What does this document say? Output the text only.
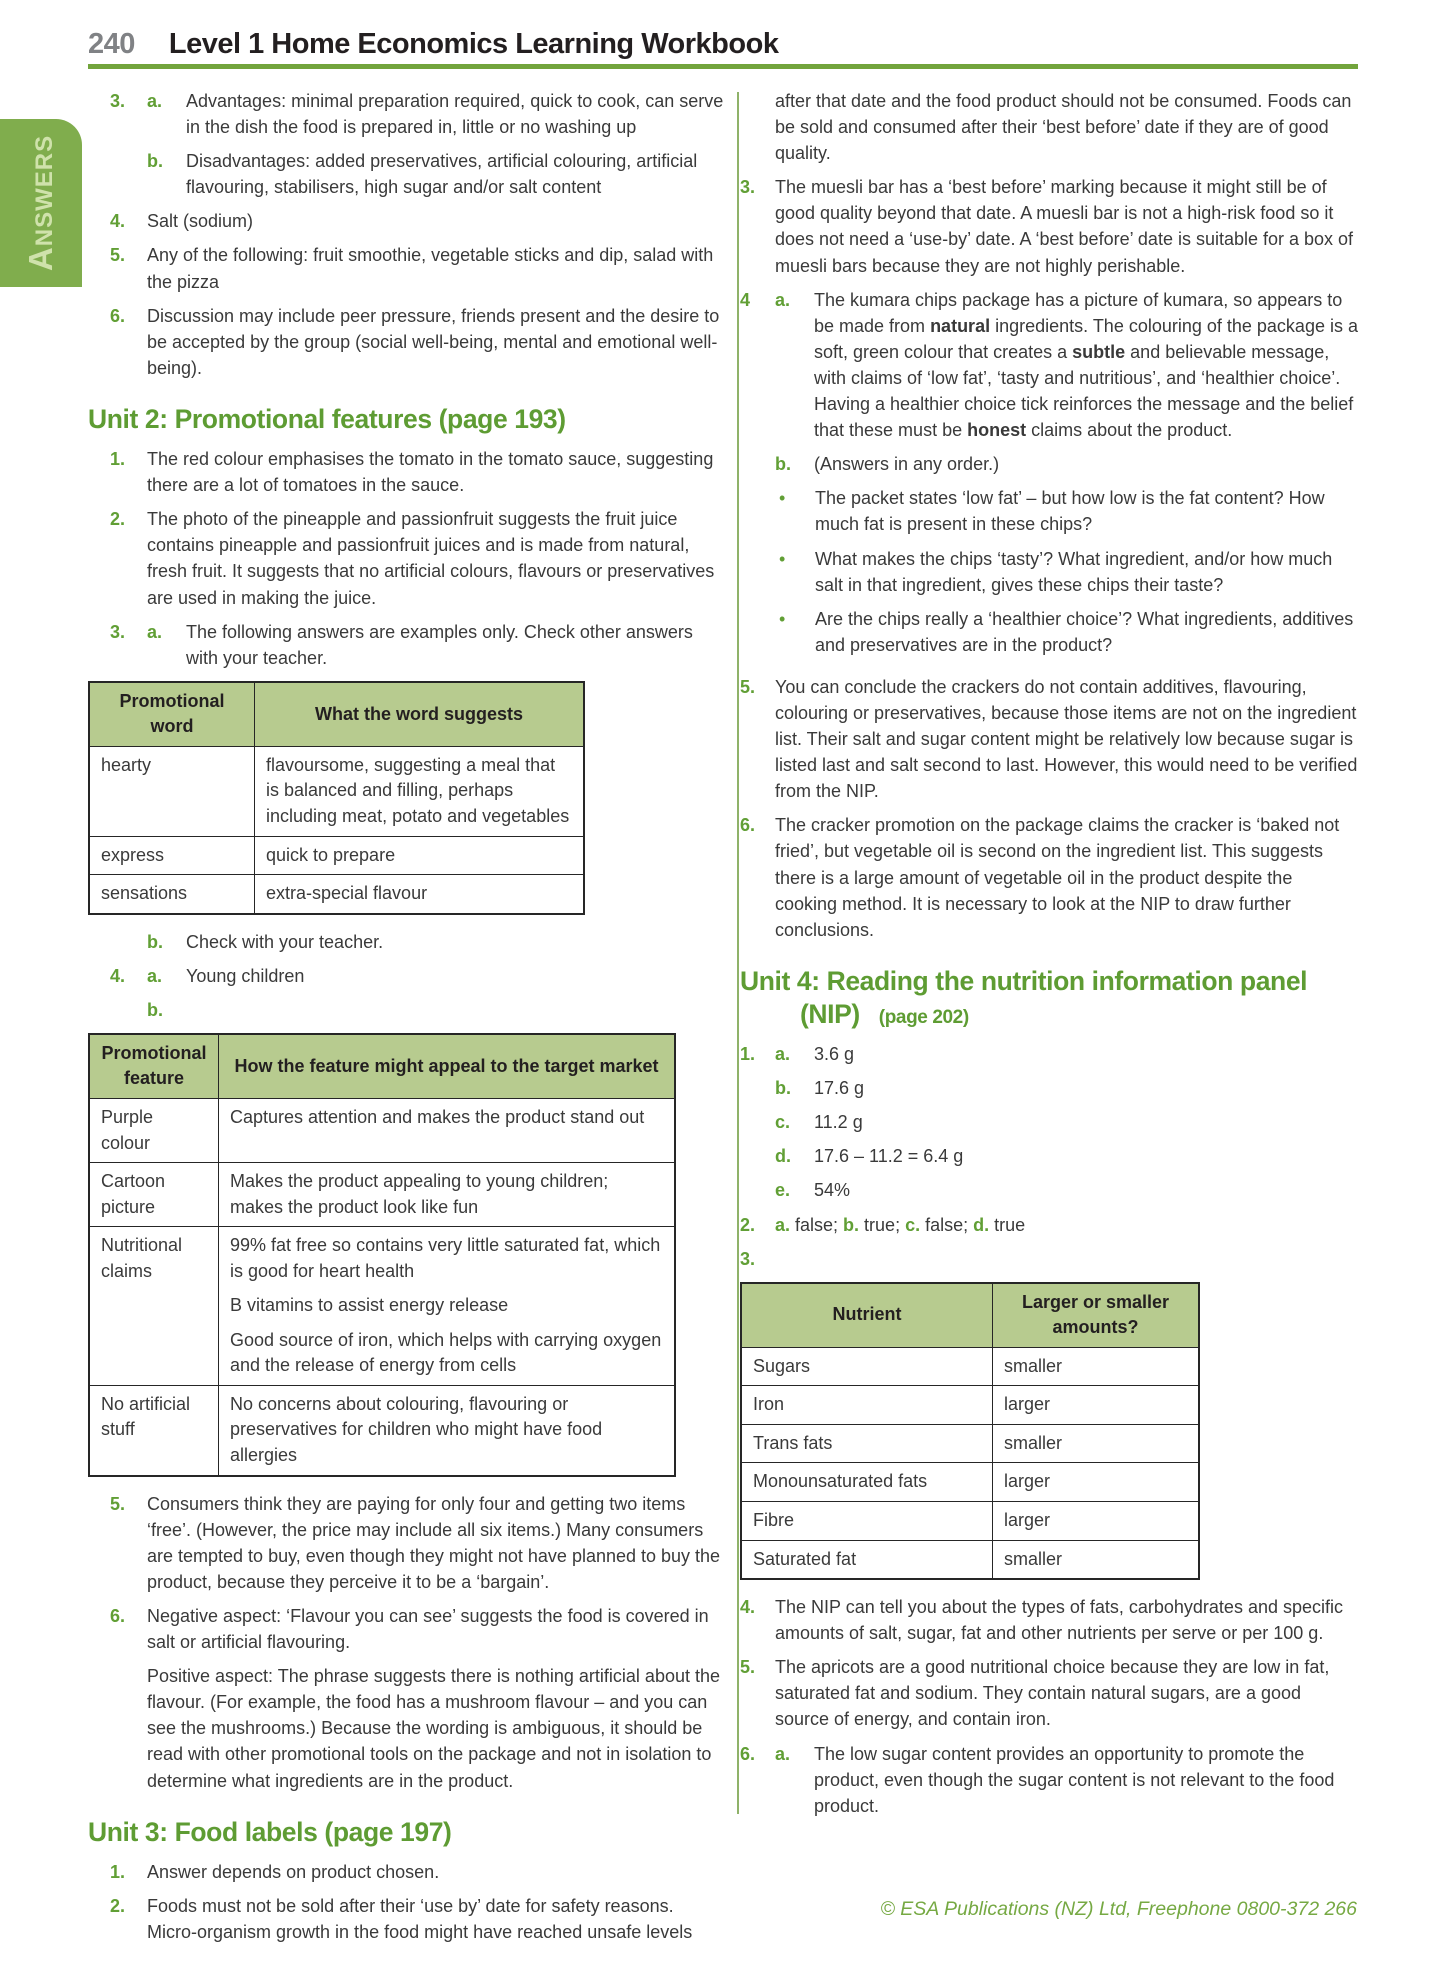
240 Level 1 Home Economics Learning Workbook
ANSWERS
3.	a.	Advantages: minimal preparation required, quick to cook, can serve in the dish the food is prepared in, little or no washing up
b.	Disadvantages: added preservatives, artificial colouring, artificial flavouring, stabilisers, high sugar and/or salt content
4.	Salt (sodium)
5.	Any of the following: fruit smoothie, vegetable sticks and dip, salad with the pizza
6.	Discussion may include peer pressure, friends present and the desire to be accepted by the group (social well-being, mental and emotional well-being).
Unit 2: Promotional features (page 193)
1.	The red colour emphasises the tomato in the tomato sauce, suggesting there are a lot of tomatoes in the sauce.
2.	The photo of the pineapple and passionfruit suggests the fruit juice contains pineapple and passionfruit juices and is made from natural, fresh fruit. It suggests that no artificial colours, flavours or preservatives are used in making the juice.
3.	a.	The following answers are examples only. Check other answers with your teacher.
Promotional word	What the word suggests
hearty	flavoursome, suggesting a meal that is balanced and filling, perhaps including meat, potato and vegetables
express	quick to prepare
sensations	extra-special flavour
b.	Check with your teacher.
4.	a.	Young children
b.
Promotional feature	How the feature might appeal to the target market
Purple colour	Captures attention and makes the product stand out

Cartoon picture	Makes the product appealing to young children; makes the product look like fun

Nutritional claims	99% fat free so contains very little saturated fat, which is good for heart health
B vitamins to assist energy release
Good source of iron, which helps with carrying oxygen and the release of energy from cells

No artificial stuff	No concerns about colouring, flavouring or preservatives for children who might have food allergies
5.	Consumers think they are paying for only four and getting two items ‘free’. (However, the price may include all six items.) Many consumers are tempted to buy, even though they might not have planned to buy the product, because they perceive it to be a ‘bargain’.
6.	Negative aspect: ‘Flavour you can see’ suggests the food is covered in salt or artificial flavouring.
Positive aspect: The phrase suggests there is nothing artificial about the flavour. (For example, the food has a mushroom flavour – and you can see the mushrooms.) Because the wording is ambiguous, it should be read with other promotional tools on the package and not in isolation to determine what ingredients are in the product.
Unit 3: Food labels (page 197)
1.	Answer depends on product chosen.
2.	Foods must not be sold after their ‘use by’ date for safety reasons. Micro-organism growth in the food might have reached unsafe levels
after that date and the food product should not be consumed. Foods can be sold and consumed after their ‘best before’ date if they are of good quality.
3.	The muesli bar has a ‘best before’ marking because it might still be of good quality beyond that date. A muesli bar is not a high-risk food so it does not need a ‘use-by’ date. A ‘best before’ date is suitable for a box of muesli bars because they are not highly perishable.
4	a.	The kumara chips package has a picture of kumara, so appears to be made from natural ingredients. The colouring of the package is a soft, green colour that creates a subtle and believable message, with claims of ‘low fat’, ‘tasty and nutritious’, and ‘healthier choice’. Having a healthier choice tick reinforces the message and the belief that these must be honest claims about the product.
b.	(Answers in any order.)
•	The packet states ‘low fat’ – but how low is the fat content? How much fat is present in these chips?
•	What makes the chips ‘tasty’? What ingredient, and/or how much salt in that ingredient, gives these chips their taste?
•	Are the chips really a ‘healthier choice’? What ingredients, additives and preservatives are in the product?
5.	You can conclude the crackers do not contain additives, flavouring, colouring or preservatives, because those items are not on the ingredient list. Their salt and sugar content might be relatively low because sugar is listed last and salt second to last. However, this would need to be verified from the NIP.
6.	The cracker promotion on the package claims the cracker is ‘baked not fried’, but vegetable oil is second on the ingredient list. This suggests there is a large amount of vegetable oil in the product despite the cooking method. It is necessary to look at the NIP to draw further conclusions.
Unit 4: Reading the nutrition information panel
(NIP) (page 202)
1.	a.	3.6 g
b.	17.6 g
c.	11.2 g
d.	17.6 – 11.2 = 6.4 g
e.	54%
2.	a. false; b. true; c. false; d. true
3.
Nutrient	Larger or smaller amounts?
Sugars	smaller
Iron	larger
Trans fats	smaller
Monounsaturated fats	larger
Fibre	larger
Saturated fat	smaller
4.	The NIP can tell you about the types of fats, carbohydrates and specific amounts of salt, sugar, fat and other nutrients per serve or per 100 g.
5.	The apricots are a good nutritional choice because they are low in fat, saturated fat and sodium. They contain natural sugars, are a good source of energy, and contain iron.
6.	a.	The low sugar content provides an opportunity to promote the product, even though the sugar content is not relevant to the food product.
© ESA Publications (NZ) Ltd, Freephone 0800-372 266
